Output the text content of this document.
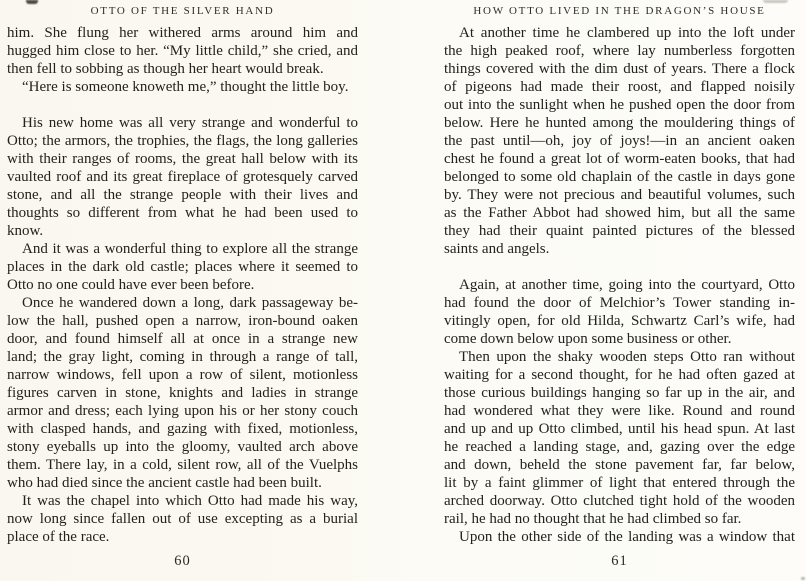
OTTO OF THE SILVER HAND
him. She flung her withered arms around him and
hugged him close to her. “My little child,” she cried, and
then fell to sobbing as though her heart would break.
“Here is someone knoweth me,” thought the little boy.
His new home was all very strange and wonderful to
Otto; the armors, the trophies, the flags, the long galleries
with their ranges of rooms, the great hall below with its
vaulted roof and its great fireplace of grotesquely carved
stone, and all the strange people with their lives and
thoughts so different from what he had been used to
know.
And it was a wonderful thing to explore all the strange
places in the dark old castle; places where it seemed to
Otto no one could have ever been before.
Once he wandered down a long, dark passageway be-
low the hall, pushed open a narrow, iron-bound oaken
door, and found himself all at once in a strange new
land; the gray light, coming in through a range of tall,
narrow windows, fell upon a row of silent, motionless
figures carven in stone, knights and ladies in strange
armor and dress; each lying upon his or her stony couch
with clasped hands, and gazing with fixed, motionless,
stony eyeballs up into the gloomy, vaulted arch above
them. There lay, in a cold, silent row, all of the Vuelphs
who had died since the ancient castle had been built.
It was the chapel into which Otto had made his way,
now long since fallen out of use excepting as a burial
place of the race.
60
HOW OTTO LIVED IN THE DRAGON’S HOUSE
At another time he clambered up into the loft under
the high peaked roof, where lay numberless forgotten
things covered with the dim dust of years. There a flock
of pigeons had made their roost, and flapped noisily
out into the sunlight when he pushed open the door from
below. Here he hunted among the mouldering things of
the past until—oh, joy of joys!—in an ancient oaken
chest he found a great lot of worm-eaten books, that had
belonged to some old chaplain of the castle in days gone
by. They were not precious and beautiful volumes, such
as the Father Abbot had showed him, but all the same
they had their quaint painted pictures of the blessed
saints and angels.
Again, at another time, going into the courtyard, Otto
had found the door of Melchior’s Tower standing in-
vitingly open, for old Hilda, Schwartz Carl’s wife, had
come down below upon some business or other.
Then upon the shaky wooden steps Otto ran without
waiting for a second thought, for he had often gazed at
those curious buildings hanging so far up in the air, and
had wondered what they were like. Round and round
and up and up Otto climbed, until his head spun. At last
he reached a landing stage, and, gazing over the edge
and down, beheld the stone pavement far, far below,
lit by a faint glimmer of light that entered through the
arched doorway. Otto clutched tight hold of the wooden
rail, he had no thought that he had climbed so far.
Upon the other side of the landing was a window that
61
